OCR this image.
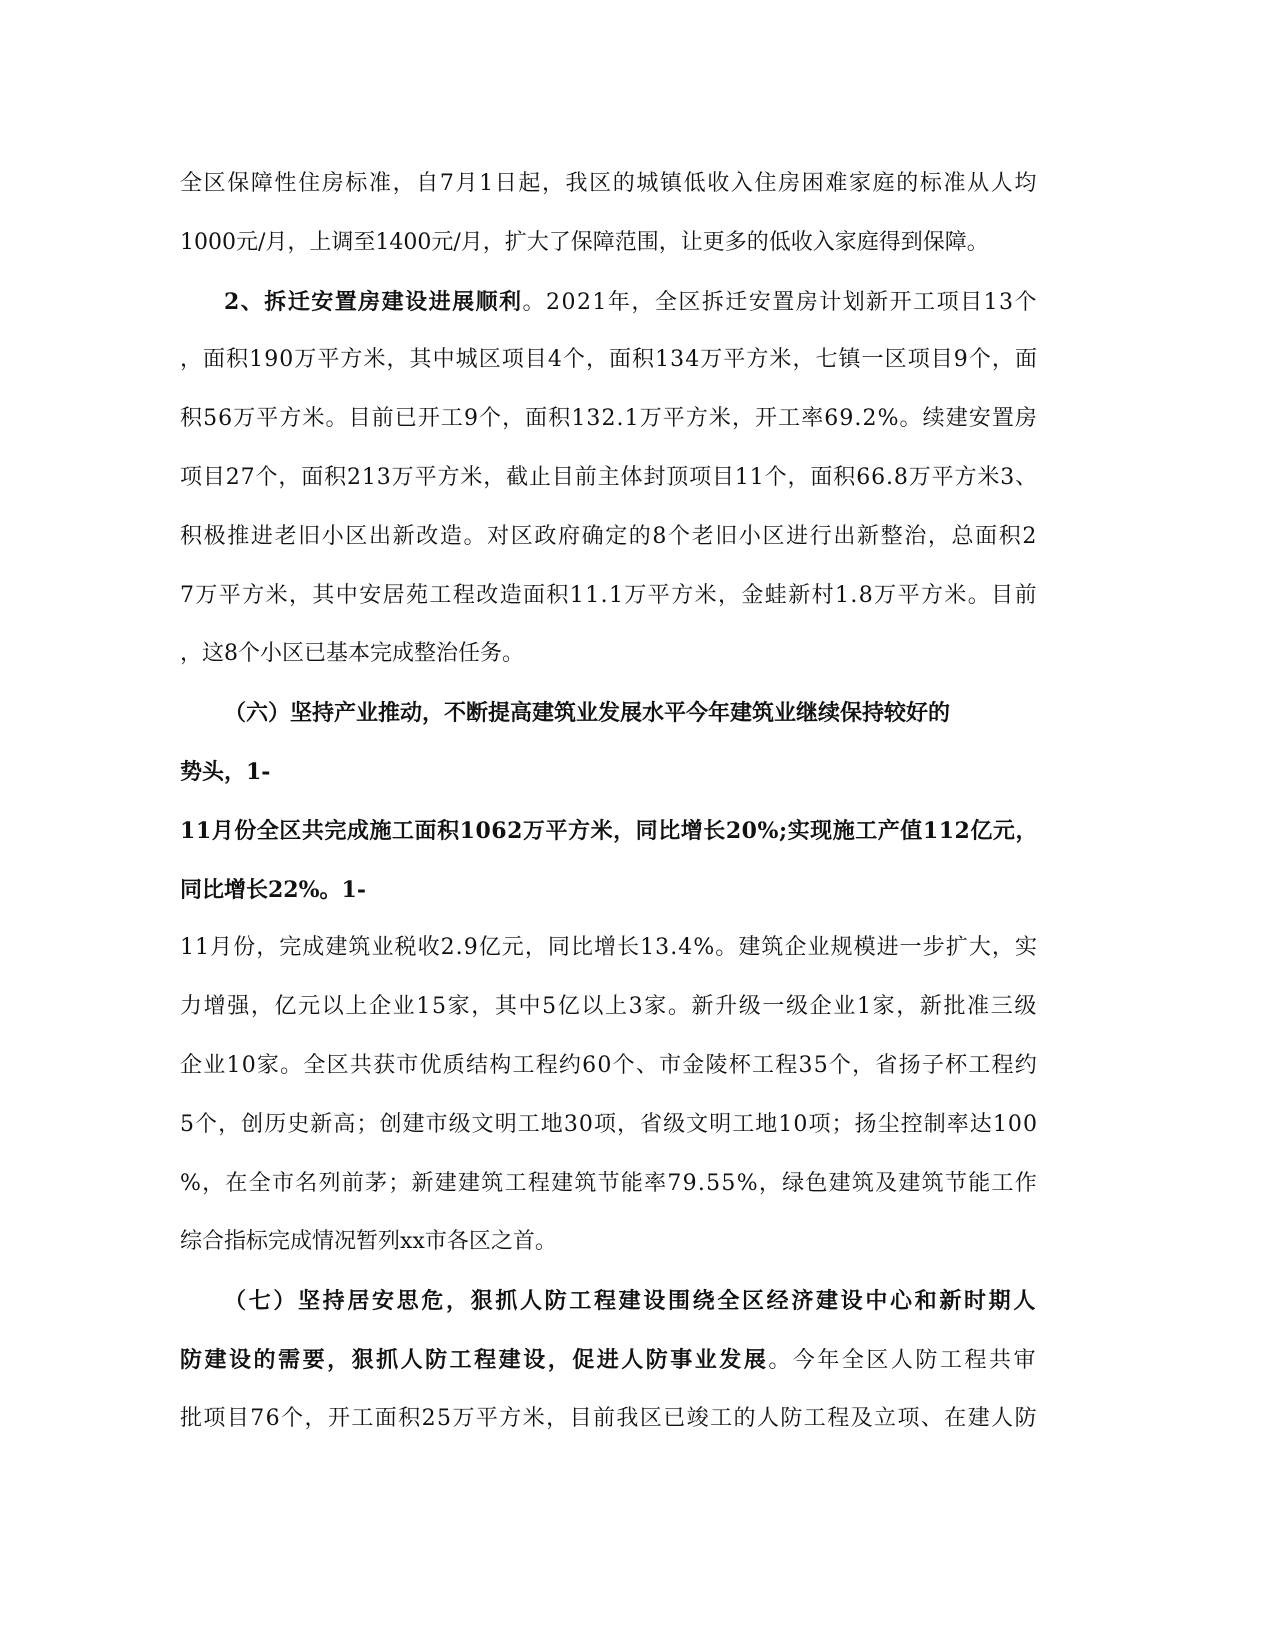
全区保障性住房标准，自7月1日起，我区的城镇低收入住房困难家庭的标准从人均
1000元/月，上调至1400元/月，扩大了保障范围，让更多的低收入家庭得到保障。
2、拆迁安置房建设进展顺利。2021年，全区拆迁安置房计划新开工项目13个
，面积190万平方米，其中城区项目4个，面积134万平方米，七镇一区项目9个，面
积56万平方米。目前已开工9个，面积132.1万平方米，开工率69.2%。续建安置房
项目27个，面积213万平方米，截止目前主体封顶项目11个，面积66.8万平方米3、
积极推进老旧小区出新改造。对区政府确定的8个老旧小区进行出新整治，总面积2
7万平方米，其中安居苑工程改造面积11.1万平方米，金蛙新村1.8万平方米。目前
，这8个小区已基本完成整治任务。
（六）坚持产业推动，不断提高建筑业发展水平今年建筑业继续保持较好的
势头，1-
11月份全区共完成施工面积1062万平方米，同比增长20%;实现施工产值112亿元，
同比增长22%。1-
11月份，完成建筑业税收2.9亿元，同比增长13.4%。建筑企业规模进一步扩大，实
力增强，亿元以上企业15家，其中5亿以上3家。新升级一级企业1家，新批准三级
企业10家。全区共获市优质结构工程约60个、市金陵杯工程35个，省扬子杯工程约
5个，创历史新高；创建市级文明工地30项，省级文明工地10项；扬尘控制率达100
%，在全市名列前茅；新建建筑工程建筑节能率79.55%，绿色建筑及建筑节能工作
综合指标完成情况暂列xx市各区之首。
（七）坚持居安思危，狠抓人防工程建设围绕全区经济建设中心和新时期人
防建设的需要，狠抓人防工程建设，促进人防事业发展。今年全区人防工程共审
批项目76个，开工面积25万平方米，目前我区已竣工的人防工程及立项、在建人防
